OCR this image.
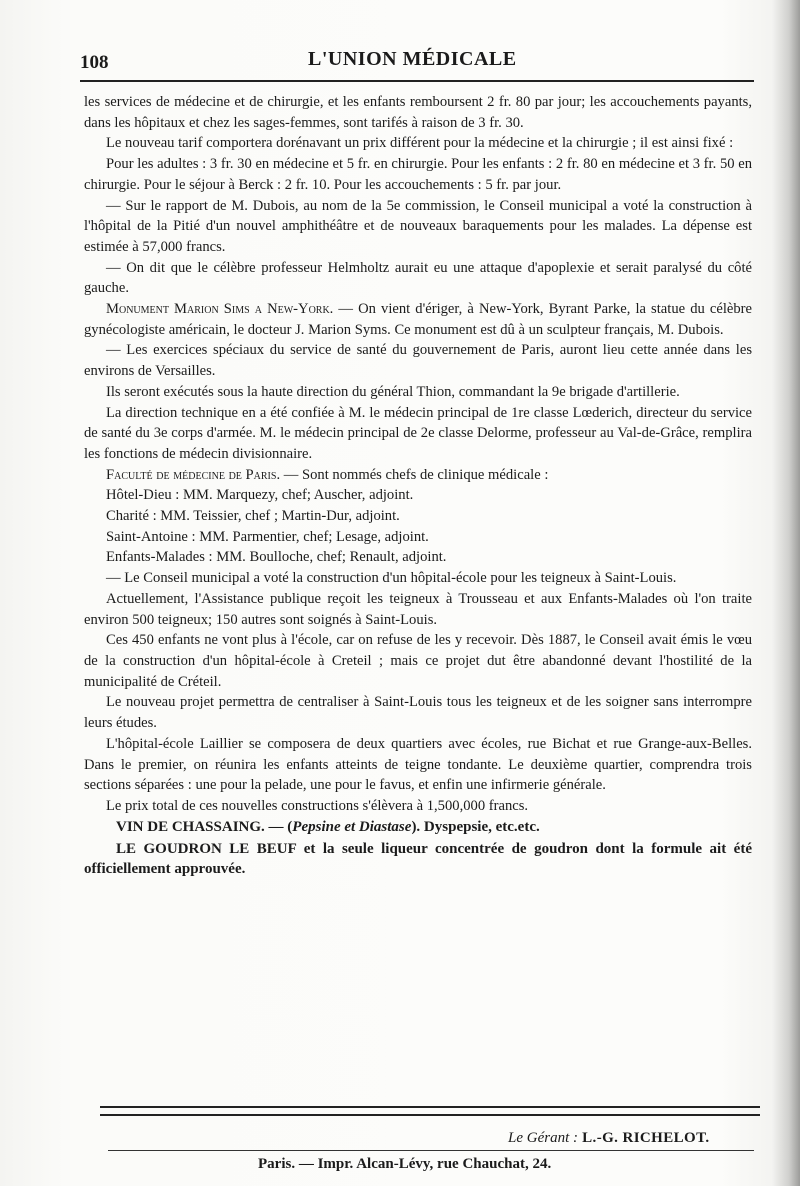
108	L'UNION MÉDICALE

les services de médecine et de chirurgie, et les enfants remboursent 2 fr. 80 par jour; les accouchements payants, dans les hôpitaux et chez les sages-femmes, sont tarifés à raison de 3 fr. 30.

Le nouveau tarif comportera dorénavant un prix différent pour la médecine et la chirurgie ; il est ainsi fixé :

Pour les adultes : 3 fr. 30 en médecine et 5 fr. en chirurgie. Pour les enfants : 2 fr. 80 en médecine et 3 fr. 50 en chirurgie. Pour le séjour à Berck : 2 fr. 10. Pour les accouchements : 5 fr. par jour.

— Sur le rapport de M. Dubois, au nom de la 5e commission, le Conseil municipal a voté la construction à l'hôpital de la Pitié d'un nouvel amphithéâtre et de nouveaux baraquements pour les malades. La dépense est estimée à 57,000 francs.

— On dit que le célèbre professeur Helmholtz aurait eu une attaque d'apoplexie et serait paralysé du côté gauche.

Monument Marion Sims a New-York. — On vient d'ériger, à New-York, Byrant Parke, la statue du célèbre gynécologiste américain, le docteur J. Marion Syms. Ce monument est dû à un sculpteur français, M. Dubois.

— Les exercices spéciaux du service de santé du gouvernement de Paris, auront lieu cette année dans les environs de Versailles.

Ils seront exécutés sous la haute direction du général Thion, commandant la 9e brigade d'artillerie.

La direction technique en a été confiée à M. le médecin principal de 1re classe Lœderich, directeur du service de santé du 3e corps d'armée. M. le médecin principal de 2e classe Delorme, professeur au Val-de-Grâce, remplira les fonctions de médecin divisionnaire.

Faculté de médecine de Paris. — Sont nommés chefs de clinique médicale :

Hôtel-Dieu : MM. Marquezy, chef; Auscher, adjoint.

Charité : MM. Teissier, chef ; Martin-Dur, adjoint.

Saint-Antoine : MM. Parmentier, chef; Lesage, adjoint.

Enfants-Malades : MM. Boulloche, chef; Renault, adjoint.

— Le Conseil municipal a voté la construction d'un hôpital-école pour les teigneux à Saint-Louis.

Actuellement, l'Assistance publique reçoit les teigneux à Trousseau et aux Enfants-Malades où l'on traite environ 500 teigneux; 150 autres sont soignés à Saint-Louis.

Ces 450 enfants ne vont plus à l'école, car on refuse de les y recevoir. Dès 1887, le Conseil avait émis le vœu de la construction d'un hôpital-école à Creteil ; mais ce projet dut être abandonné devant l'hostilité de la municipalité de Créteil.

Le nouveau projet permettra de centraliser à Saint-Louis tous les teigneux et de les soigner sans interrompre leurs études.

L'hôpital-école Laillier se composera de deux quartiers avec écoles, rue Bichat et rue Grange-aux-Belles. Dans le premier, on réunira les enfants atteints de teigne tondante. Le deuxième quartier, comprendra trois sections séparées : une pour la pelade, une pour le favus, et enfin une infirmerie générale.

Le prix total de ces nouvelles constructions s'élèvera à 1,500,000 francs.

VIN DE CHASSAING. — (Pepsine et Diastase). Dyspepsie, etc.etc.

LE GOUDRON LE BEUF et la seule liqueur concentrée de goudron dont la formule ait été officiellement approuvée.

Le Gérant : L.-G. RICHELOT.
Paris. — Impr. Alcan-Lévy, rue Chauchat, 24.
